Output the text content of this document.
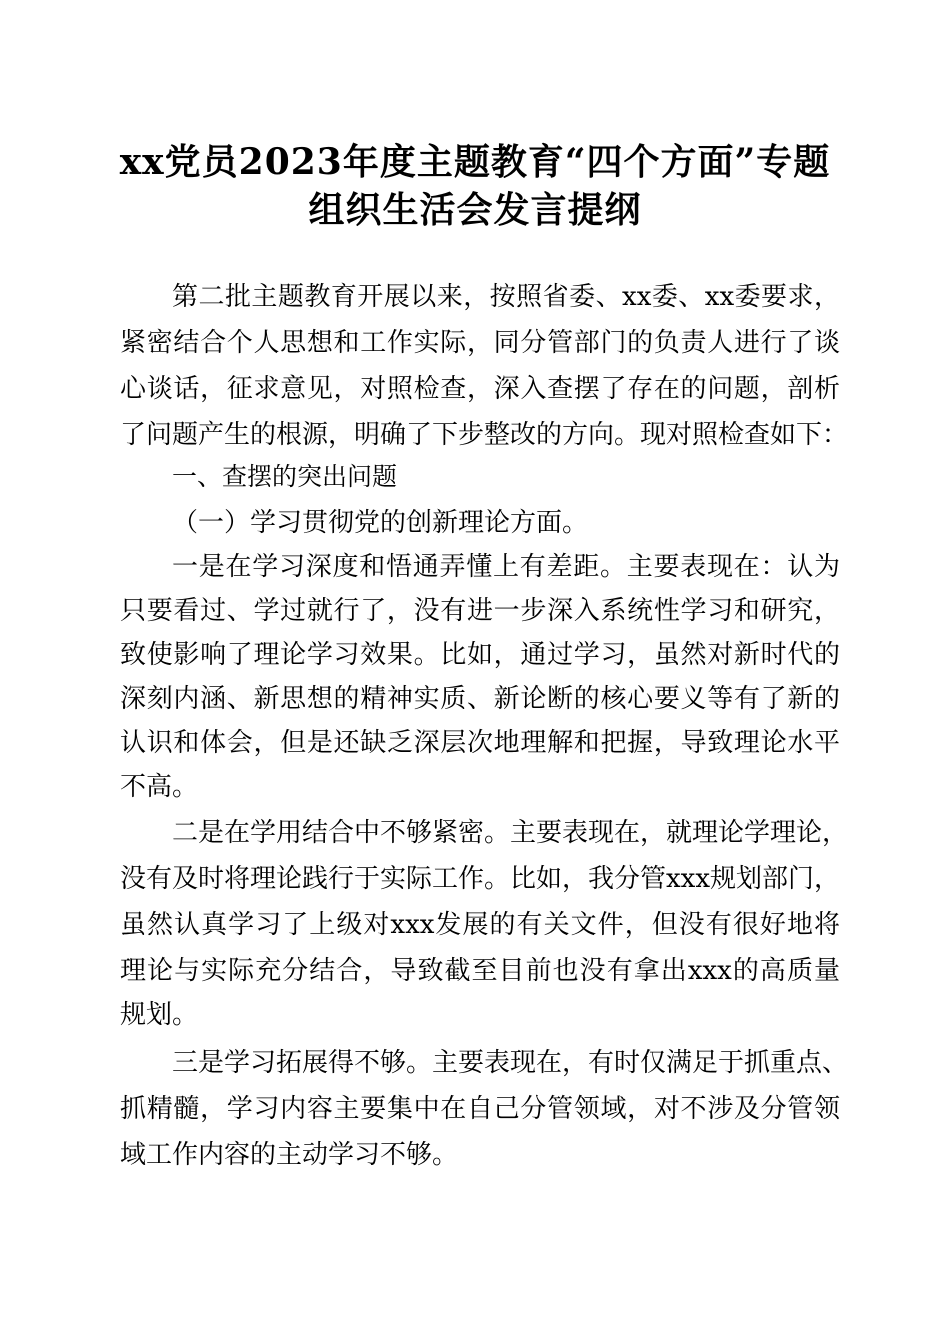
xx党员2023年度主题教育“四个方面”专题
组织生活会发言提纲
第二批主题教育开展以来，按照省委、xx委、xx委要求，
紧密结合个人思想和工作实际，同分管部门的负责人进行了谈
心谈话，征求意见，对照检查，深入查摆了存在的问题，剖析
了问题产生的根源，明确了下步整改的方向。现对照检查如下：
一、查摆的突出问题
（一）学习贯彻党的创新理论方面。
一是在学习深度和悟通弄懂上有差距。主要表现在：认为
只要看过、学过就行了，没有进一步深入系统性学习和研究，
致使影响了理论学习效果。比如，通过学习，虽然对新时代的
深刻内涵、新思想的精神实质、新论断的核心要义等有了新的
认识和体会，但是还缺乏深层次地理解和把握，导致理论水平
不高。
二是在学用结合中不够紧密。主要表现在，就理论学理论，
没有及时将理论践行于实际工作。比如，我分管xxx规划部门，
虽然认真学习了上级对xxx发展的有关文件，但没有很好地将
理论与实际充分结合，导致截至目前也没有拿出xxx的高质量
规划。
三是学习拓展得不够。主要表现在，有时仅满足于抓重点、
抓精髓，学习内容主要集中在自己分管领域，对不涉及分管领
域工作内容的主动学习不够。
